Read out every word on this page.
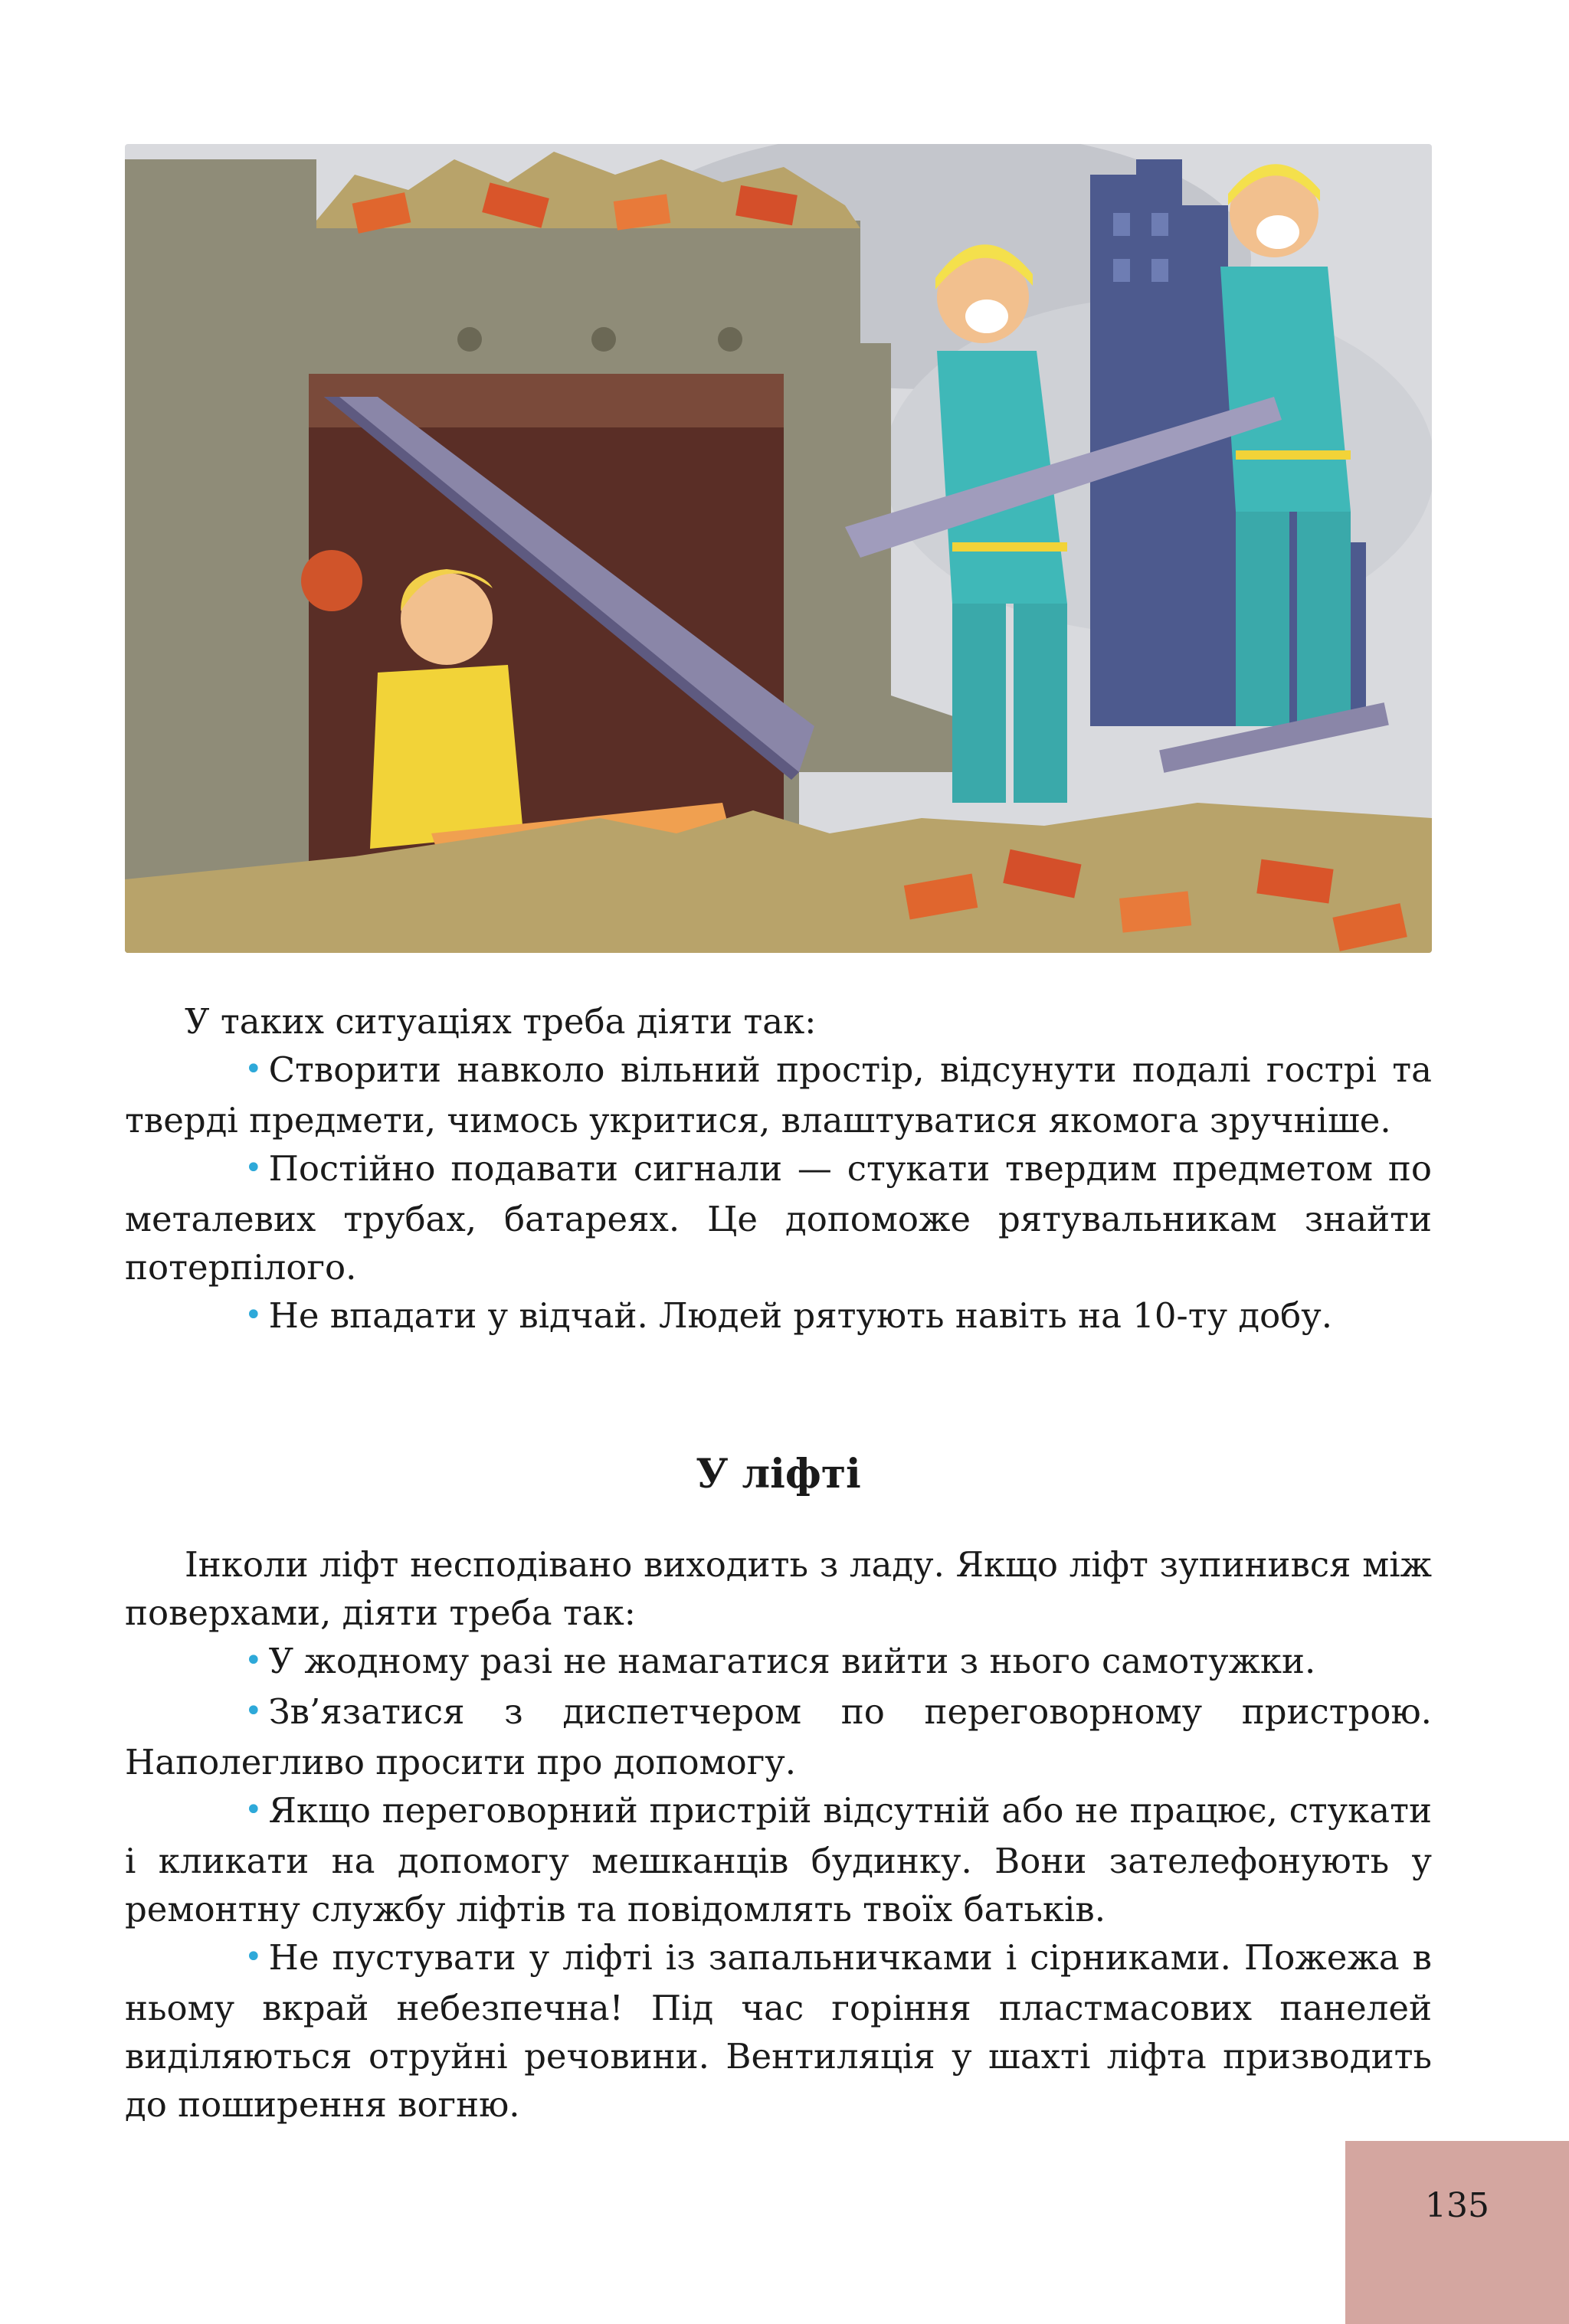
У таких ситуаціях треба діяти так:

• Створити навколо вільний простір, відсунути подалі гострі та тверді предмети, чимось укритися, влаштуватися якомога зручніше.

• Постійно подавати сигнали — стукати твердим предметом по металевих трубах, батареях. Це допоможе рятувальникам знайти потерпілого.

• Не впадати у відчай. Людей рятують навіть на 10-ту добу.

У ліфті

Інколи ліфт несподівано виходить з ладу. Якщо ліфт зупинився між поверхами, діяти треба так:

• У жодному разі не намагатися вийти з нього самотужки.

• Зв’язатися з диспетчером по переговорному пристрою. Наполегливо просити про допомогу.

• Якщо переговорний пристрій відсутній або не працює, стукати і кликати на допомогу мешканців будинку. Вони зателефонують у ремонтну службу ліфтів та повідомлять твоїх батьків.

• Не пустувати у ліфті із запальничками і сірниками. Пожежа в ньому вкрай небезпечна! Під час горіння пластмасових панелей виділяються отруйні речовини. Вентиляція у шахті ліфта призводить до поширення вогню.

135
